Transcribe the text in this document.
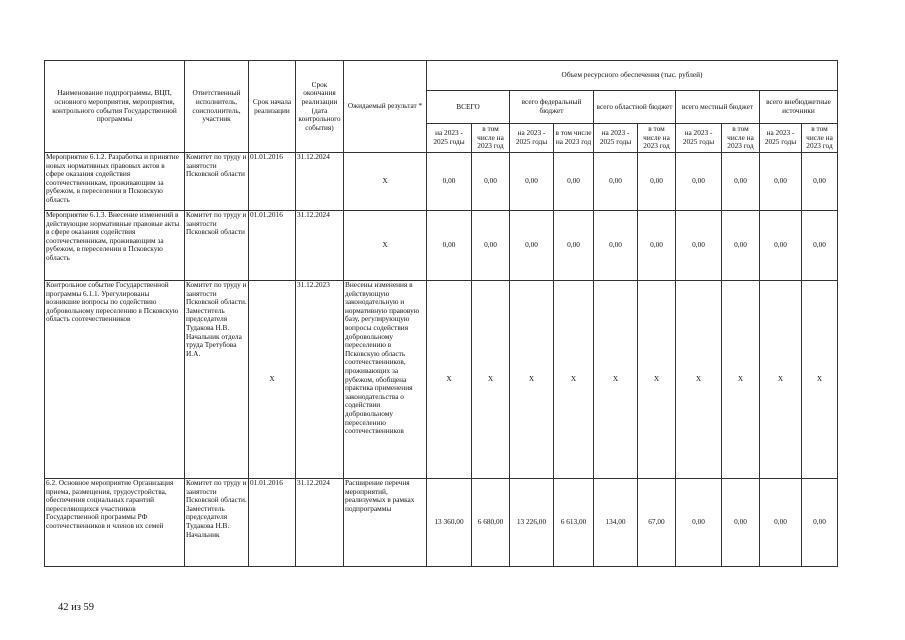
Наименование подпрограммы, ВЦП, основного мероприятия, мероприятия, контрольного события Государственной программы	Ответственный исполнитель, соисполнитель, участник	Срок начала реализации	Срок окончания реализации (дата контрольного события)	Ожидаемый результат *	Объем ресурсного обеспечения (тыс. рублей)									
					ВСЕГО		всего федеральный бюджет		всего областной бюджет		всего местный бюджет		всего внебюджетные источники	
					на 2023 - 2025 годы	в том числе на 2023 год	на 2023 - 2025 годы	в том числе на 2023 год	на 2023 - 2025 годы	в том числе на 2023 год	на 2023 - 2025 годы	в том числе на 2023 год	на 2023 - 2025 годы	в том числе на 2023 год
Мероприятие 6.1.2. Разработка и принятие новых нормативных правовых актов в сфере оказания содействия соотечественникам, проживающим за рубежом, в переселении в Псковскую область	Комитет по труду и занятости Псковской области	01.01.2016	31.12.2024	Х	0,00	0,00	0,00	0,00	0,00	0,00	0,00	0,00	0,00	0,00
Мероприятие 6.1.3. Внесение изменений в действующие нормативные правовые акты в сфере оказания содействия соотечественникам, проживающим за рубежом, в переселении в Псковскую область	Комитет по труду и занятости Псковской области	01.01.2016	31.12.2024	Х	0,00	0,00	0,00	0,00	0,00	0,00	0,00	0,00	0,00	0,00
Контрольное событие Государственной программы 6.1.1. Урегулированы возникшие вопросы по содействию добровольному переселению в Псковскую область соотечественников	Комитет по труду и занятости Псковской области. Заместитель председателя Тудакова Н.В. Начальник отдела труда Третубова И.А.	Х	31.12.2023	Внесены изменения в действующую законодательную и нормативную правовую базу, регулирующую вопросы содействия добровольному переселению в Псковскую область соотечественников, проживающих за рубежом, обобщена практика применения законодательства о содействии добровольному переселению соотечественников	Х	Х	Х	Х	Х	Х	Х	Х	Х	Х
6.2. Основное мероприятие Организация приема, размещения, трудоустройства, обеспечения социальных гарантий переселяющихся участников Государственной программы РФ соотечественников и членов их семей	Комитет по труду и занятости Псковской области. Заместитель председателя Тудакова Н.В. Начальник	01.01.2016	31.12.2024	Расширение перечня мероприятий, реализуемых в рамках подпрограммы	13 360,00	6 680,00	13 226,00	6 613,00	134,00	67,00	0,00	0,00	0,00	0,00
42 из 59
